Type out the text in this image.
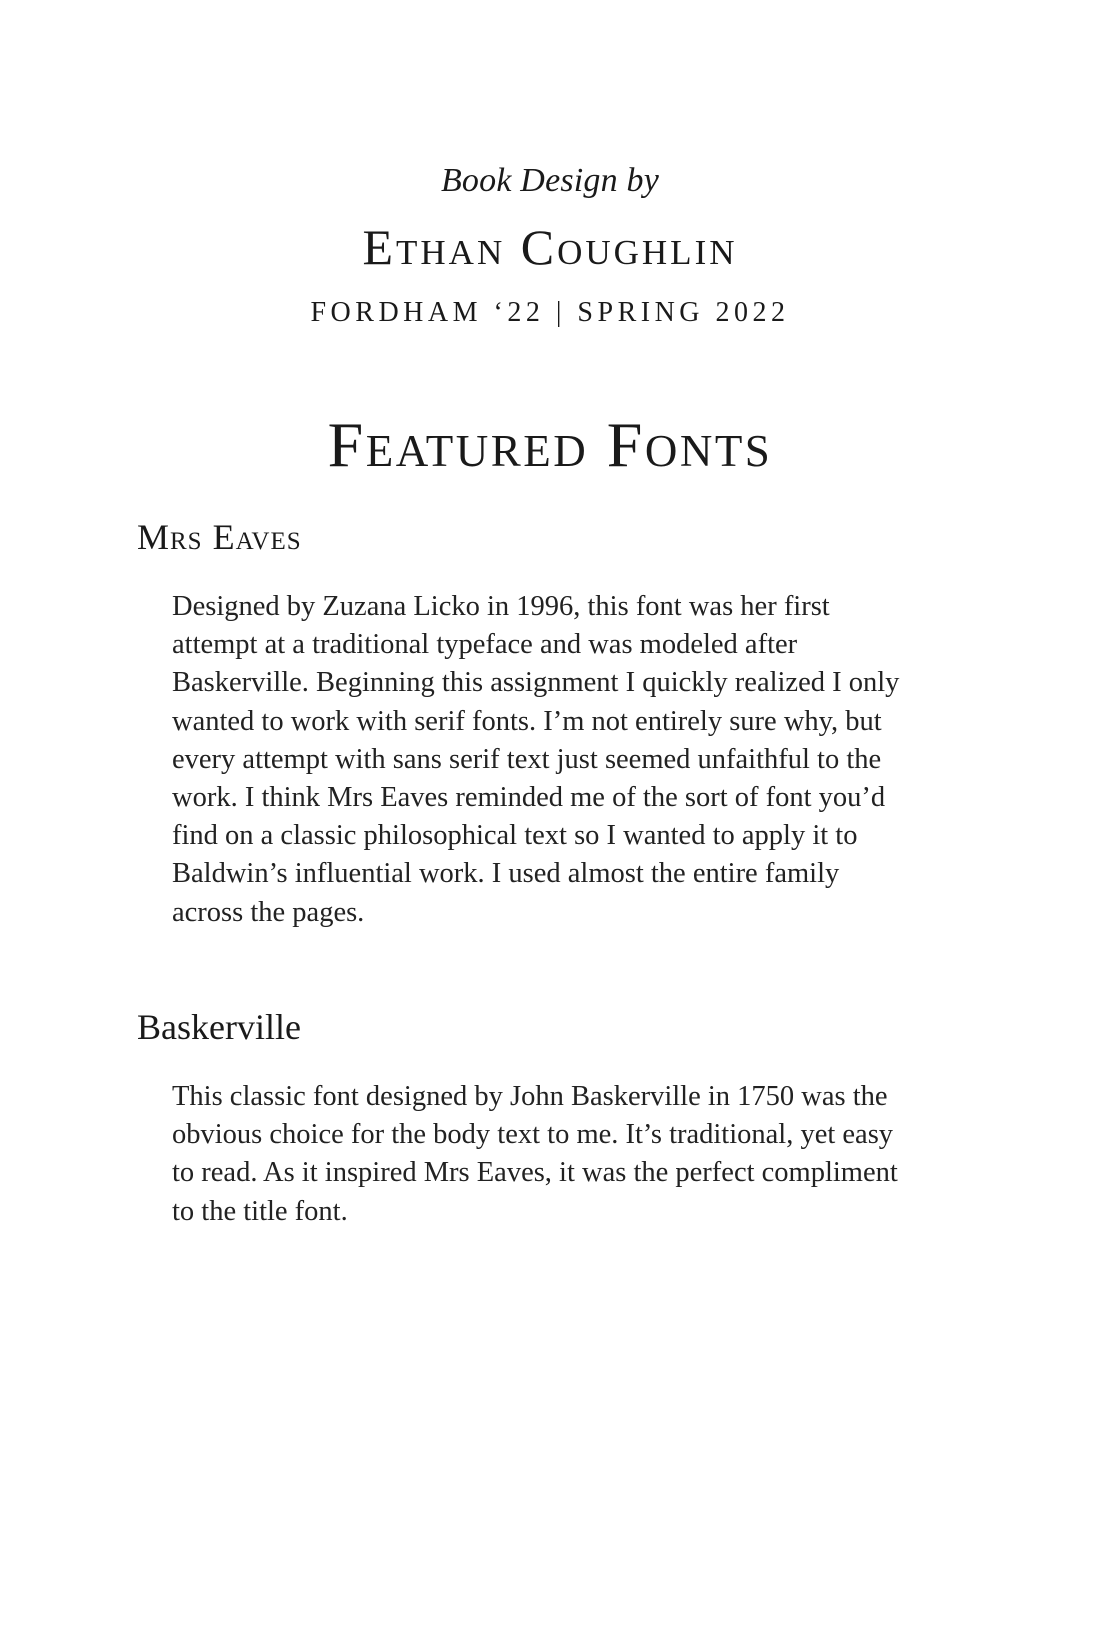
Book Design by
Ethan Coughlin
FORDHAM ‘22 | SPRING 2022
Featured Fonts
Mrs Eaves

Designed by Zuzana Licko in 1996, this font was her first attempt at a traditional typeface and was modeled after Baskerville. Beginning this assignment I quickly realized I only wanted to work with serif fonts. I’m not entirely sure why, but every attempt with sans serif text just seemed unfaithful to the work. I think Mrs Eaves reminded me of the sort of font you’d find on a classic philosophical text so I wanted to apply it to Baldwin’s influential work. I used almost the entire family across the pages.

Baskerville

This classic font designed by John Baskerville in 1750 was the obvious choice for the body text to me. It’s traditional, yet easy to read. As it inspired Mrs Eaves, it was the perfect compliment to the title font.
